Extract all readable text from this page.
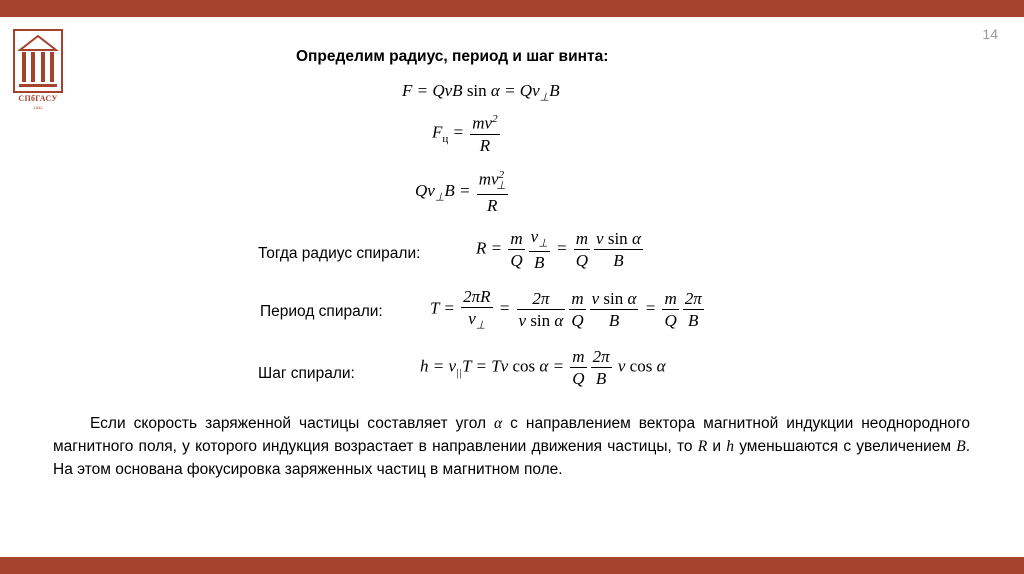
14
СПбГАСУ
1832
Определим радиус, период и шаг винта:
F = QvB $\sin \alpha = Qv_\perp B$
$F_ц = \frac{mv^2}{R}$
$Qv_\perp B = \frac{mv^2_\perp}{R}$
Тогда радиус спирали:	$R = \frac{m}{Q} \frac{v_\perp}{B} = \frac{m}{Q} \frac{\text{v sin α}}{B}$
Период спирали:	$T = \frac{2\pi R}{v_\perp} = \frac{2\pi}{\text{v sin α}} \frac{m}{Q} \frac{\text{v sin α}}{B} = \frac{m}{Q} \frac{2\pi}{B}$
Шаг спирали:	$h = v_{||}T = Tv$ $\cos \alpha = \frac{m}{Q} \frac{2\pi}{B}$ v cos α
Если скорость заряженной частицы составляет угол α с направлением вектора магнитной индукции неоднородного магнитного поля, у которого индукция возрастает в направлении движения частицы, то R и h уменьшаются с увеличением B. На этом основана фокусировка заряженных частиц в магнитном поле.
